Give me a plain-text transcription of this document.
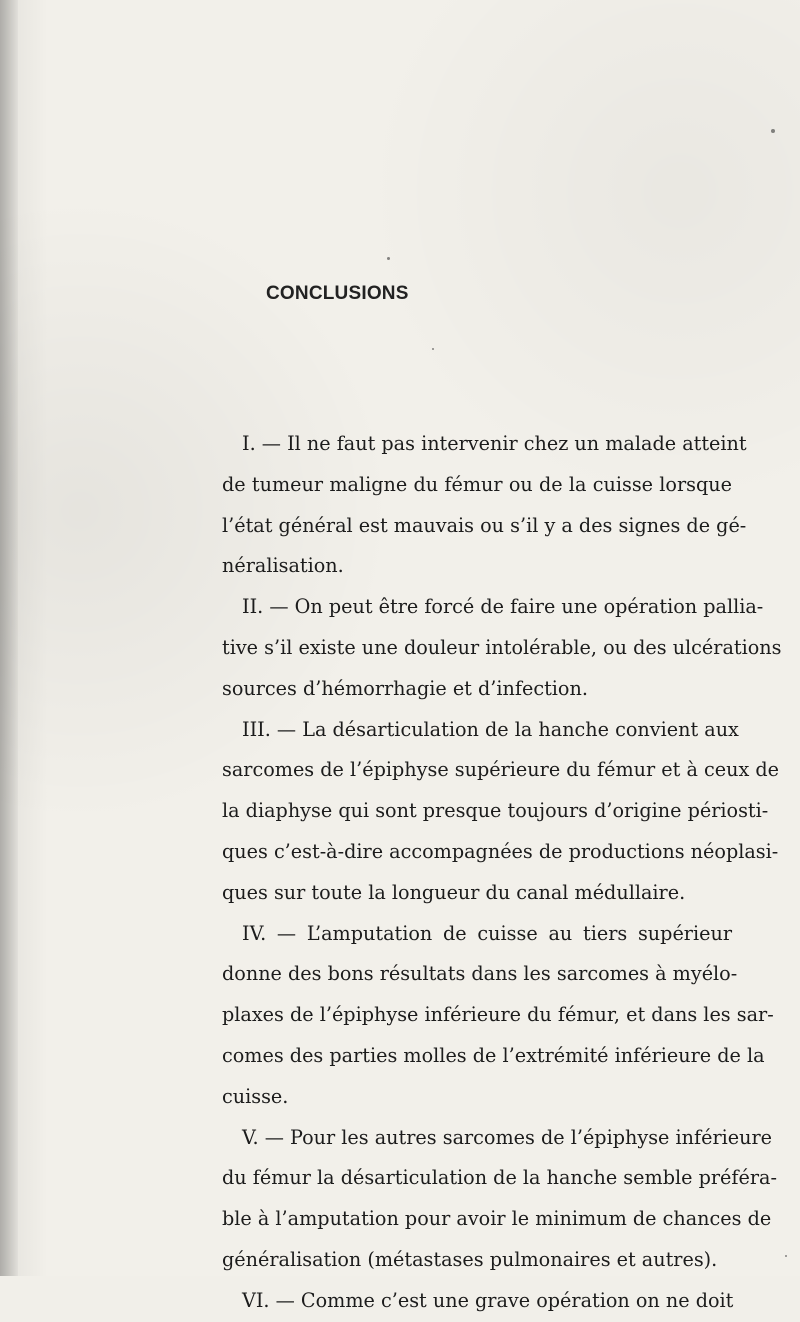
CONCLUSIONS
I. — Il ne faut pas intervenir chez un malade atteint
de tumeur maligne du fémur ou de la cuisse lorsque
l’état général est mauvais ou s’il y a des signes de gé-
néralisation.
II. — On peut être forcé de faire une opération pallia-
tive s’il existe une douleur intolérable, ou des ulcérations
sources d’hémorrhagie et d’infection.
III. — La désarticulation de la hanche convient aux
sarcomes de l’épiphyse supérieure du fémur et à ceux de
la diaphyse qui sont presque toujours d’origine périosti-
ques c’est-à-dire accompagnées de productions néoplasi-
ques sur toute la longueur du canal médullaire.
IV. — L’amputation de cuisse au tiers supérieur
donne des bons résultats dans les sarcomes à myélo-
plaxes de l’épiphyse inférieure du fémur, et dans les sar-
comes des parties molles de l’extrémité inférieure de la
cuisse.
V. — Pour les autres sarcomes de l’épiphyse inférieure
du fémur la désarticulation de la hanche semble préféra-
ble à l’amputation pour avoir le minimum de chances de
généralisation (métastases pulmonaires et autres).
VI. — Comme c’est une grave opération on ne doit
